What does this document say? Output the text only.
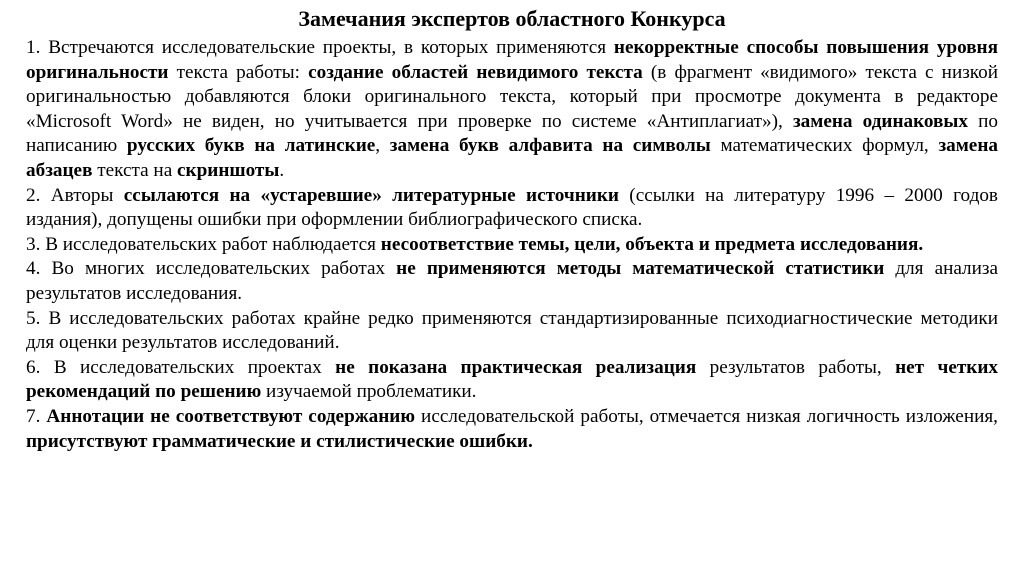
Замечания экспертов областного Конкурса

1. Встречаются исследовательские проекты, в которых применяются некорректные способы повышения уровня оригинальности текста работы: создание областей невидимого текста (в фрагмент «видимого» текста с низкой оригинальностью добавляются блоки оригинального текста, который при просмотре документа в редакторе «Microsoft Word» не виден, но учитывается при проверке по системе «Антиплагиат»), замена одинаковых по написанию русских букв на латинские, замена букв алфавита на символы математических формул, замена абзацев текста на скриншоты.

2. Авторы ссылаются на «устаревшие» литературные источники (ссылки на литературу 1996 – 2000 годов издания), допущены ошибки при оформлении библиографического списка.

3. В исследовательских работ наблюдается несоответствие темы, цели, объекта и предмета исследования.

4. Во многих исследовательских работах не применяются методы математической статистики для анализа результатов исследования.

5. В исследовательских работах крайне редко применяются стандартизированные психодиагностические методики для оценки результатов исследований.

6. В исследовательских проектах не показана практическая реализация результатов работы, нет четких рекомендаций по решению изучаемой проблематики.

7. Аннотации не соответствуют содержанию исследовательской работы, отмечается низкая логичность изложения, присутствуют грамматические и стилистические ошибки.
